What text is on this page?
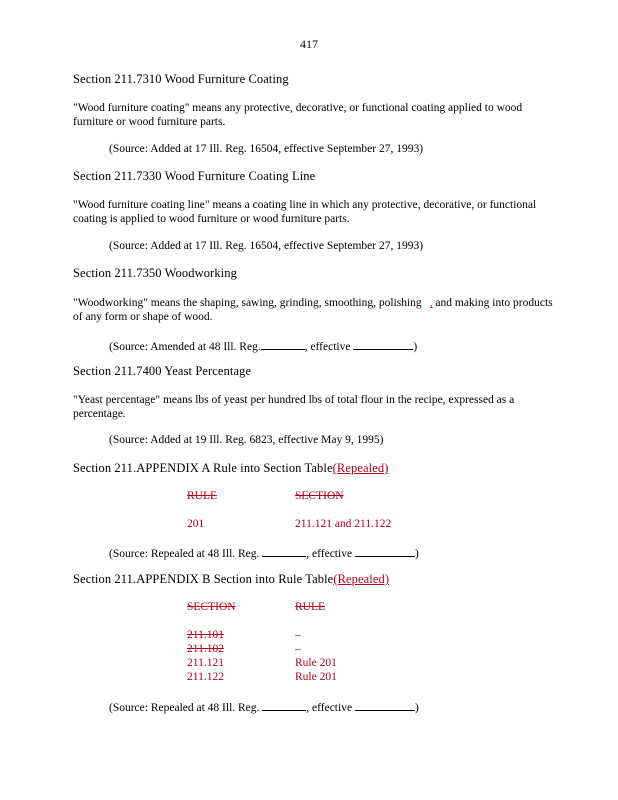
417
Section 211.7310 Wood Furniture Coating
"Wood furniture coating" means any protective, decorative, or functional coating applied to wood furniture or wood furniture parts.
(Source: Added at 17 Ill. Reg. 16504, effective September 27, 1993)
Section 211.7330 Wood Furniture Coating Line
"Wood furniture coating line" means a coating line in which any protective, decorative, or functional coating is applied to wood furniture or wood furniture parts.
(Source: Added at 17 Ill. Reg. 16504, effective September 27, 1993)
Section 211.7350 Woodworking
"Woodworking" means the shaping, sawing, grinding, smoothing, polishing , and making into products of any form or shape of wood.
(Source: Amended at 48 Ill. Reg.	, effective	)
Section 211.7400 Yeast Percentage
"Yeast percentage" means lbs of yeast per hundred lbs of total flour in the recipe, expressed as a percentage.
(Source: Added at 19 Ill. Reg. 6823, effective May 9, 1995)
Section 211.APPENDIX A Rule into Section Table(Repealed)
RULE	SECTION
201	211.121 and 211.122
(Source: Repealed at 48 Ill. Reg.	, effective	)
Section 211.APPENDIX B Section into Rule Table(Repealed)
SECTION	RULE
211.101	–
211.102	–
211.121	Rule 201
211.122	Rule 201
(Source: Repealed at 48 Ill. Reg.	, effective	)
